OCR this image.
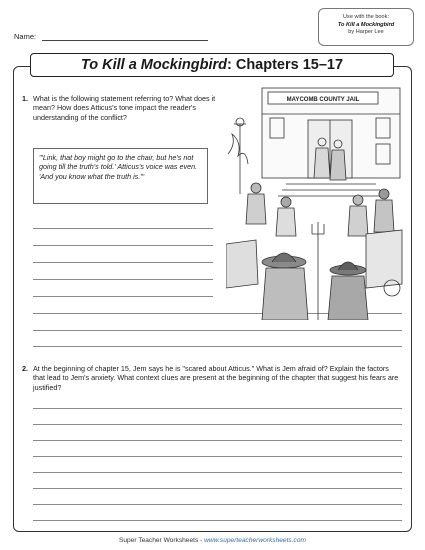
Name:
Use with the book:
To Kill a Mockingbird
by Harper Lee
To Kill a Mockingbird: Chapters 15–17
1. What is the following statement referring to? What does it mean? How does Atticus's tone impact the reader's understanding of the conflict?
"'Link, that boy might go to the chair, but he's not going till the truth's told.' Atticus's voice was even. 'And you know what the truth is.'"
MAYCOMB COUNTY JAIL
2. At the beginning of chapter 15, Jem says he is "scared about Atticus." What is Jem afraid of? Explain the factors that lead to Jem's anxiety. What context clues are present at the beginning of the chapter that suggest his fears are justified?
Super Teacher Worksheets - www.superteacherworksheets.com
